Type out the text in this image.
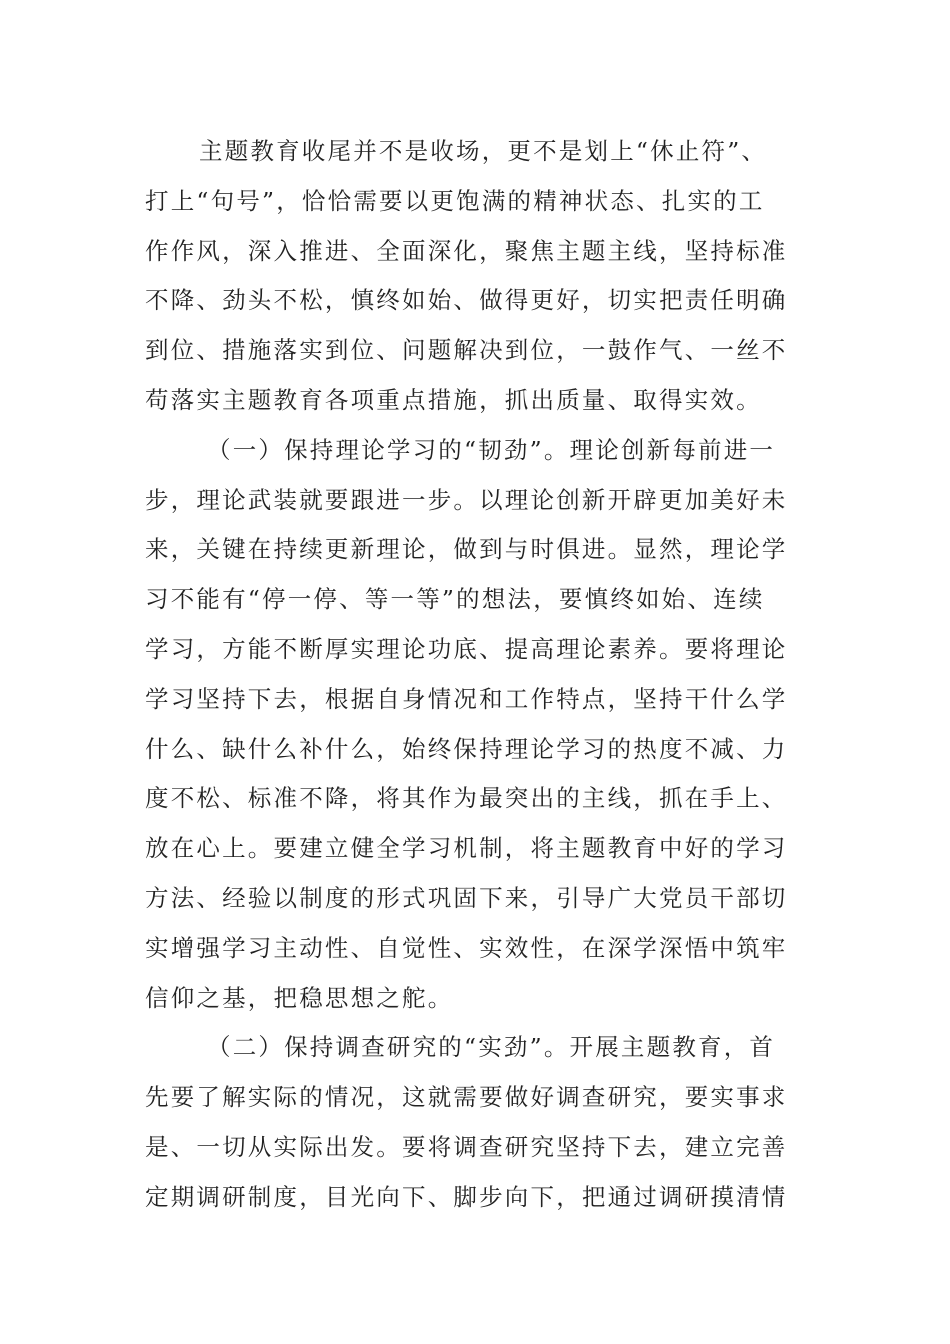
主题教育收尾并不是收场，更不是划上“休止符”、
打上“句号”，恰恰需要以更饱满的精神状态、扎实的工
作作风，深入推进、全面深化，聚焦主题主线，坚持标准
不降、劲头不松，慎终如始、做得更好，切实把责任明确
到位、措施落实到位、问题解决到位，一鼓作气、一丝不
苟落实主题教育各项重点措施，抓出质量、取得实效。
（一）保持理论学习的“韧劲”。理论创新每前进一
步，理论武装就要跟进一步。以理论创新开辟更加美好未
来，关键在持续更新理论，做到与时俱进。显然，理论学
习不能有“停一停、等一等”的想法，要慎终如始、连续
学习，方能不断厚实理论功底、提高理论素养。要将理论
学习坚持下去，根据自身情况和工作特点，坚持干什么学
什么、缺什么补什么，始终保持理论学习的热度不减、力
度不松、标准不降，将其作为最突出的主线，抓在手上、
放在心上。要建立健全学习机制，将主题教育中好的学习
方法、经验以制度的形式巩固下来，引导广大党员干部切
实增强学习主动性、自觉性、实效性，在深学深悟中筑牢
信仰之基，把稳思想之舵。
（二）保持调查研究的“实劲”。开展主题教育，首
先要了解实际的情况，这就需要做好调查研究，要实事求
是、一切从实际出发。要将调查研究坚持下去，建立完善
定期调研制度，目光向下、脚步向下，把通过调研摸清情
